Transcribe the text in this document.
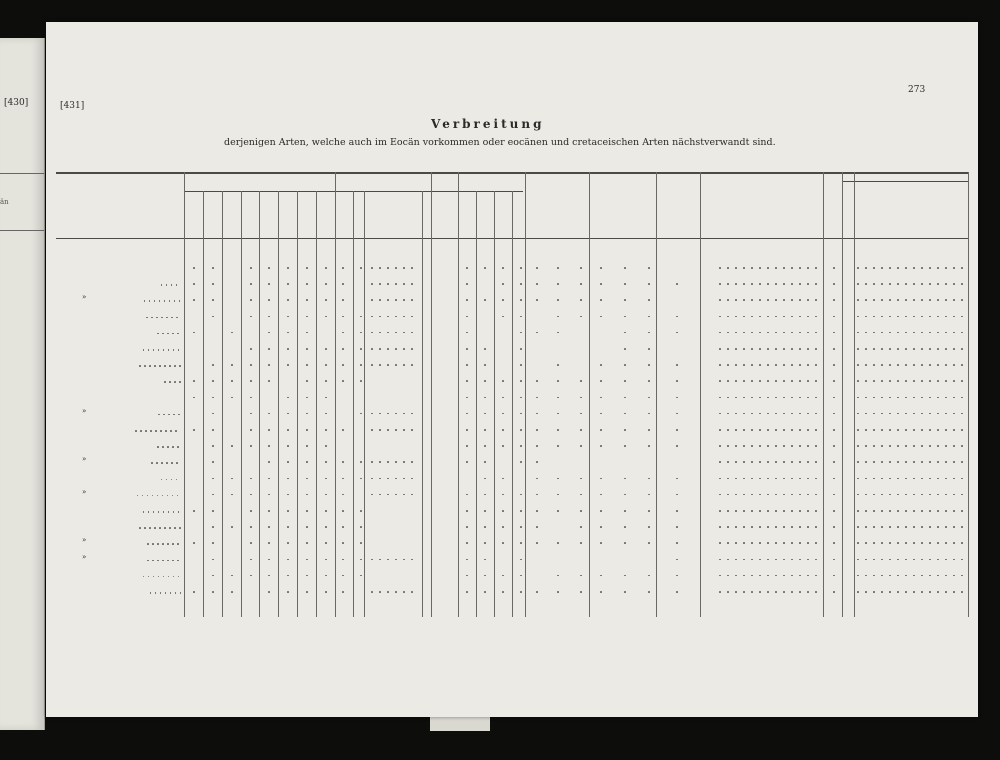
[430]
än
[431]
273
Verbreitung
derjenigen Arten, welche auch im Eocän vorkommen oder eocänen und cretaceischen Arten nächstverwandt sind.
»
»
»
»
»
»
